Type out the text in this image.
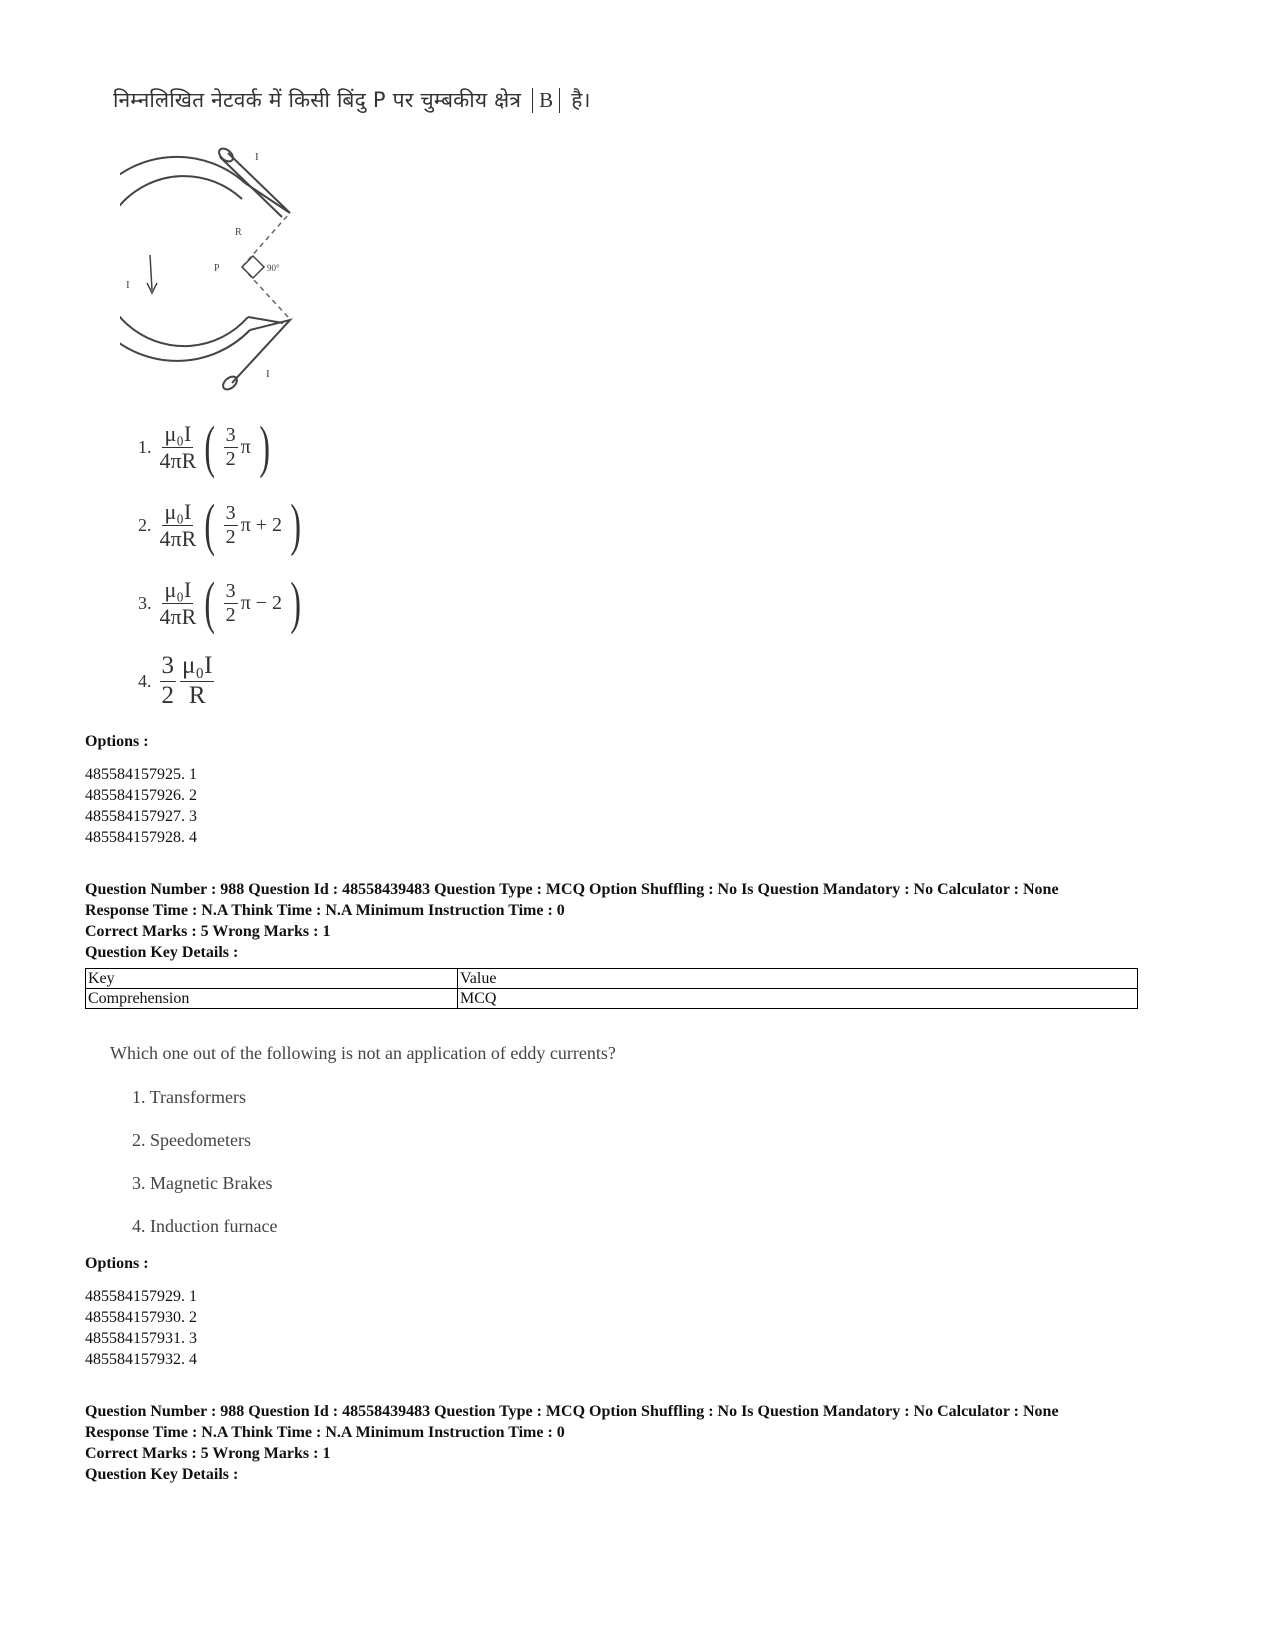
निम्नलिखित नेटवर्क में किसी बिंदु P पर चुम्बकीय क्षेत्र B है।
I
I
I
R
P	90°
1. $\frac{\text{μ₀I}}{4\pi R}$ ( $\frac{3}{2}$ π )
2. $\frac{\text{μ₀I}}{4\pi R}$ ( $\frac{3}{2}$ π + 2 )
3. $\frac{\text{μ₀I}}{4\pi R}$ ( $\frac{3}{2}$ π − 2 )
4. $\frac{3}{2}$
$\frac{\text{μ₀I}}{R}$
Options :
485584157925. 1
485584157926. 2
485584157927. 3
485584157928. 4
Question Number : 988 Question Id : 48558439483 Question Type : MCQ Option Shuffling : No Is Question Mandatory : No Calculator : None
Response Time : N.A Think Time : N.A Minimum Instruction Time : 0
Correct Marks : 5 Wrong Marks : 1
Question Key Details :
Key	Value
Comprehension	MCQ
Which one out of the following is not an application of eddy currents?
1. Transformers
2. Speedometers
3. Magnetic Brakes
4. Induction furnace
Options :
485584157929. 1
485584157930. 2
485584157931. 3
485584157932. 4
Question Number : 988 Question Id : 48558439483 Question Type : MCQ Option Shuffling : No Is Question Mandatory : No Calculator : None
Response Time : N.A Think Time : N.A Minimum Instruction Time : 0
Correct Marks : 5 Wrong Marks : 1
Question Key Details :
